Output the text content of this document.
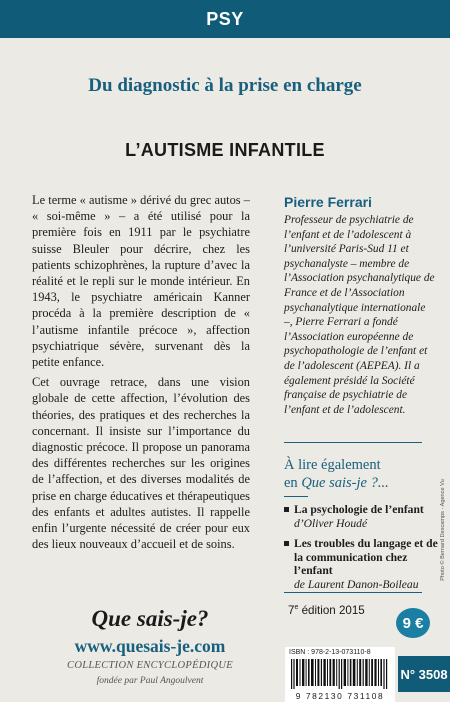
PSY
Du diagnostic à la prise en charge
L’AUTISME INFANTILE

Le terme « autisme » dérivé du grec autos – « soi-même » – a été utilisé pour la première fois en 1911 par le psychiatre suisse Bleuler pour décrire, chez les patients schizophrènes, la rupture d’avec la réalité et le repli sur le monde intérieur. En 1943, le psychiatre américain Kanner procéda à la première description de « l’autisme infantile précoce », affection psychiatrique sévère, survenant dès la petite enfance.

Cet ouvrage retrace, dans une vision globale de cette affection, l’évolution des théories, des pratiques et des recherches la concernant. Il insiste sur l’importance du diagnostic précoce. Il propose un panorama des différentes recherches sur les origines de l’affection, et des diverses modalités de prise en charge éducatives et thérapeutiques des enfants et adultes autistes. Il rappelle enfin l’urgente nécessité de créer pour eux des lieux nouveaux d’accueil et de soins.

Pierre Ferrari
Professeur de psychiatrie de l’enfant et de l’adolescent à l’université Paris-Sud 11 et psychanalyste – membre de l’Association psychanalytique de France et de l’Association psychanalytique internationale –, Pierre Ferrari a fondé l’Association européenne de psychopathologie de l’enfant et de l’adolescent (AEPEA). Il a également présidé la Société française de psychiatrie de l’enfant et de l’adolescent.
À lire également
en Que sais-je ?...
La psychologie de l’enfant
d’Oliver Houdé
Les troubles du langage et de la communication chez l’enfant
de Laurent Danon-Boileau
Photo © Bernard Descamps - Agence Vu
Que sais-je?
www.quesais-je.com
COLLECTION ENCYCLOPÉDIQUE
fondée par Paul Angoulvent
7e édition 2015
9 €
ISBN : 978-2-13-073110-8
9 782130 731108
N° 3508
